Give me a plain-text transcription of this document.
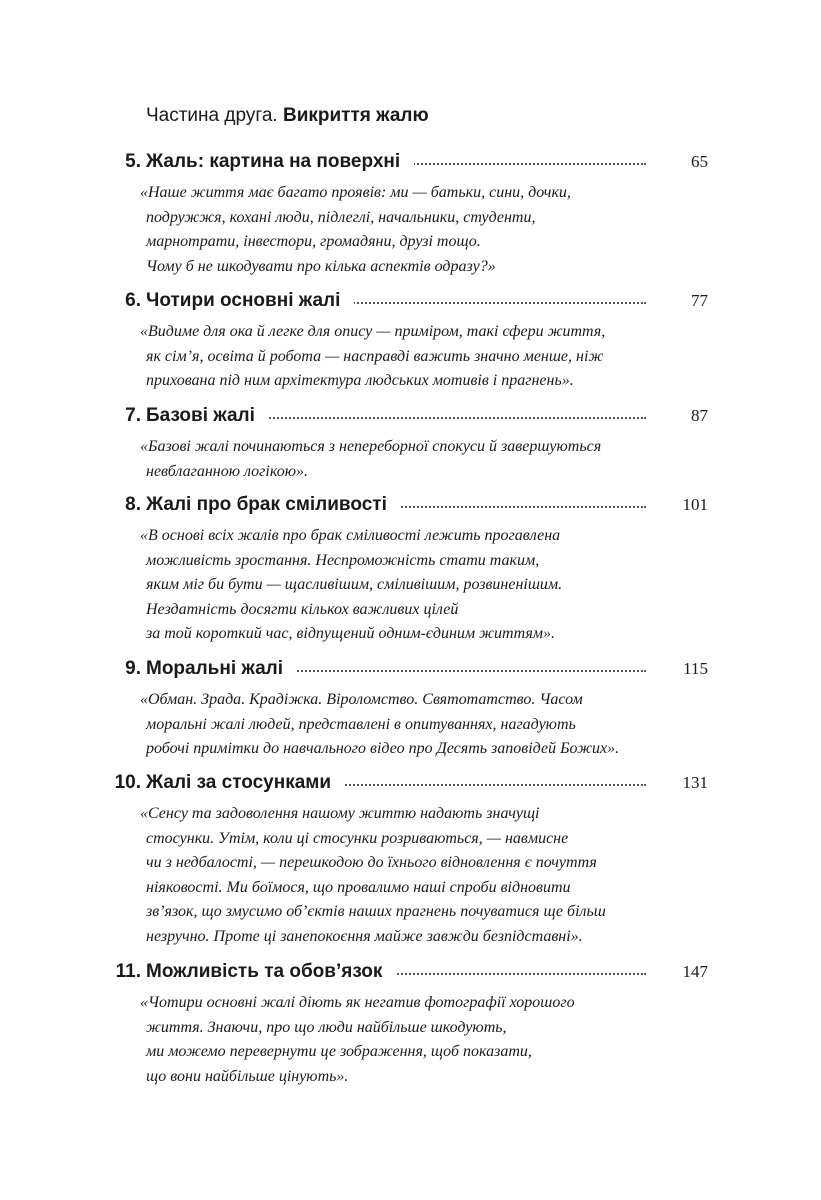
Частина друга. Викриття жалю
5. Жаль: картина на поверхні	65
«Наше життя має багато проявів: ми — батьки, сини, дочки,
подружжя, кохані люди, підлеглі, начальники, студенти,
марнотрати, інвестори, громадяни, друзі тощо.
Чому б не шкодувати про кілька аспектів одразу?»
6. Чотири основні жалі	77
«Видиме для ока й легке для опису — приміром, такі сфери життя,
як сім’я, освіта й робота — насправді важить значно менше, ніж
прихована під ним архітектура людських мотивів і прагнень».
7. Базові жалі	87
«Базові жалі починаються з непереборної спокуси й завершуються
невблаганною логікою».
8. Жалі про брак сміливості	101
«В основі всіх жалів про брак сміливості лежить прогавлена
можливість зростання. Неспроможність стати таким,
яким міг би бути — щасливішим, сміливішим, розвиненішим.
Нездатність досягти кількох важливих цілей
за той короткий час, відпущений одним-єдиним життям».
9. Моральні жалі	115
«Обман. Зрада. Крадіжка. Віроломство. Святотатство. Часом
моральні жалі людей, представлені в опитуваннях, нагадують
робочі примітки до навчального відео про Десять заповідей Божих».
10. Жалі за стосунками	131
«Сенсу та задоволення нашому життю надають значущі
стосунки. Утім, коли ці стосунки розриваються, — навмисне
чи з недбалості, — перешкодою до їхнього відновлення є почуття
ніяковості. Ми боїмося, що провалимо наші спроби відновити
зв’язок, що змусимо об’єктів наших прагнень почуватися ще більш
незручно. Проте ці занепокоєння майже завжди безпідставні».
11. Можливість та обов’язок	147
«Чотири основні жалі діють як негатив фотографії хорошого
життя. Знаючи, про що люди найбільше шкодують,
ми можемо перевернути це зображення, щоб показати,
що вони найбільше цінують».
